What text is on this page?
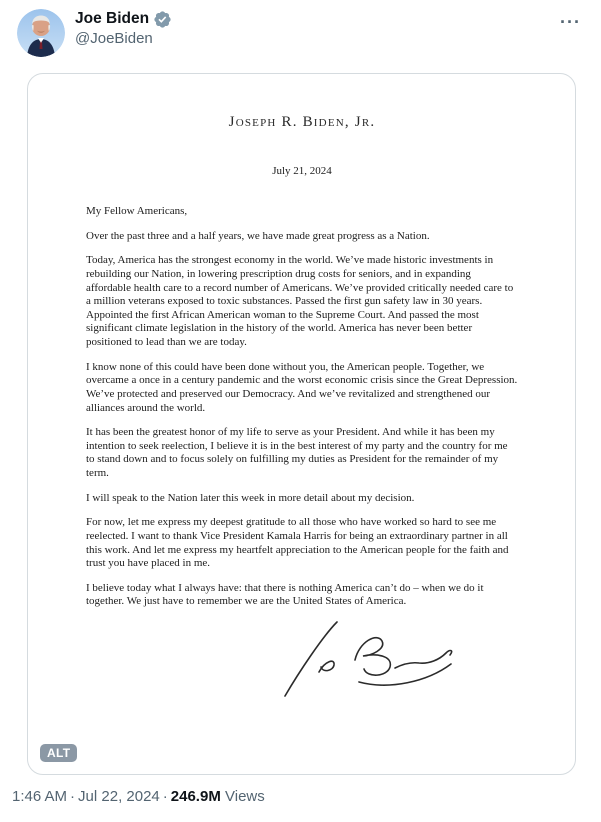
Joe Biden
@JoeBiden
···
Joseph R. Biden, Jr.
July 21, 2024

My Fellow Americans,

Over the past three and a half years, we have made great progress as a Nation.

Today, America has the strongest economy in the world. We’ve made historic investments in rebuilding our Nation, in lowering prescription drug costs for seniors, and in expanding affordable health care to a record number of Americans. We’ve provided critically needed care to a million veterans exposed to toxic substances. Passed the first gun safety law in 30 years. Appointed the first African American woman to the Supreme Court. And passed the most significant climate legislation in the history of the world. America has never been better positioned to lead than we are today.

I know none of this could have been done without you, the American people. Together, we overcame a once in a century pandemic and the worst economic crisis since the Great Depression. We’ve protected and preserved our Democracy. And we’ve revitalized and strengthened our alliances around the world.

It has been the greatest honor of my life to serve as your President. And while it has been my intention to seek reelection, I believe it is in the best interest of my party and the country for me to stand down and to focus solely on fulfilling my duties as President for the remainder of my term.

I will speak to the Nation later this week in more detail about my decision.

For now, let me express my deepest gratitude to all those who have worked so hard to see me reelected. I want to thank Vice President Kamala Harris for being an extraordinary partner in all this work. And let me express my heartfelt appreciation to the American people for the faith and trust you have placed in me.

I believe today what I always have: that there is nothing America can’t do – when we do it together. We just have to remember we are the United States of America.

ALT
1:46 AM · Jul 22, 2024 · 246.9M Views
